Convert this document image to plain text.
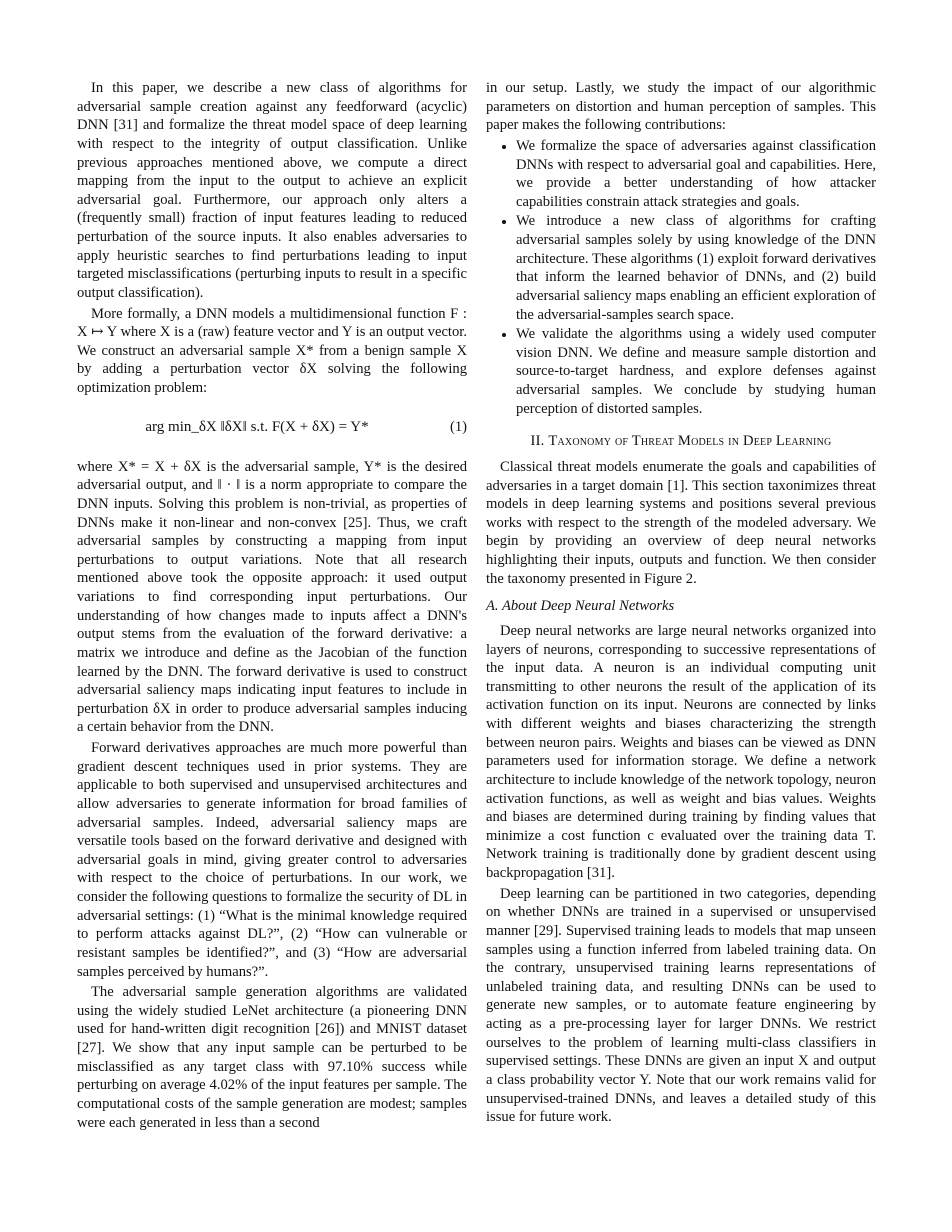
In this paper, we describe a new class of algorithms for adversarial sample creation against any feedforward (acyclic) DNN [31] and formalize the threat model space of deep learning with respect to the integrity of output classification. Unlike previous approaches mentioned above, we compute a direct mapping from the input to the output to achieve an explicit adversarial goal. Furthermore, our approach only alters a (frequently small) fraction of input features leading to reduced perturbation of the source inputs. It also enables adversaries to apply heuristic searches to find perturbations leading to input targeted misclassifications (perturbing inputs to result in a specific output classification).

More formally, a DNN models a multidimensional function F : X ↦ Y where X is a (raw) feature vector and Y is an output vector. We construct an adversarial sample X* from a benign sample X by adding a perturbation vector δX solving the following optimization problem:

arg min_δX ‖δX‖ s.t. F(X + δX) = Y*	(1)

where X* = X + δX is the adversarial sample, Y* is the desired adversarial output, and ‖ · ‖ is a norm appropriate to compare the DNN inputs. Solving this problem is non-trivial, as properties of DNNs make it non-linear and non-convex [25]. Thus, we craft adversarial samples by constructing a mapping from input perturbations to output variations. Note that all research mentioned above took the opposite approach: it used output variations to find corresponding input perturbations. Our understanding of how changes made to inputs affect a DNN's output stems from the evaluation of the forward derivative: a matrix we introduce and define as the Jacobian of the function learned by the DNN. The forward derivative is used to construct adversarial saliency maps indicating input features to include in perturbation δX in order to produce adversarial samples inducing a certain behavior from the DNN.

Forward derivatives approaches are much more powerful than gradient descent techniques used in prior systems. They are applicable to both supervised and unsupervised architectures and allow adversaries to generate information for broad families of adversarial samples. Indeed, adversarial saliency maps are versatile tools based on the forward derivative and designed with adversarial goals in mind, giving greater control to adversaries with respect to the choice of perturbations. In our work, we consider the following questions to formalize the security of DL in adversarial settings: (1) “What is the minimal knowledge required to perform attacks against DL?”, (2) “How can vulnerable or resistant samples be identified?”, and (3) “How are adversarial samples perceived by humans?”.

The adversarial sample generation algorithms are validated using the widely studied LeNet architecture (a pioneering DNN used for hand-written digit recognition [26]) and MNIST dataset [27]. We show that any input sample can be perturbed to be misclassified as any target class with 97.10% success while perturbing on average 4.02% of the input features per sample. The computational costs of the sample generation are modest; samples were each generated in less than a second

in our setup. Lastly, we study the impact of our algorithmic parameters on distortion and human perception of samples. This paper makes the following contributions:

• We formalize the space of adversaries against classification DNNs with respect to adversarial goal and capabilities. Here, we provide a better understanding of how attacker capabilities constrain attack strategies and goals.
• We introduce a new class of algorithms for crafting adversarial samples solely by using knowledge of the DNN architecture. These algorithms (1) exploit forward derivatives that inform the learned behavior of DNNs, and (2) build adversarial saliency maps enabling an efficient exploration of the adversarial-samples search space.
• We validate the algorithms using a widely used computer vision DNN. We define and measure sample distortion and source-to-target hardness, and explore defenses against adversarial samples. We conclude by studying human perception of distorted samples.
II. Taxonomy of Threat Models in Deep Learning

Classical threat models enumerate the goals and capabilities of adversaries in a target domain [1]. This section taxonimizes threat models in deep learning systems and positions several previous works with respect to the strength of the modeled adversary. We begin by providing an overview of deep neural networks highlighting their inputs, outputs and function. We then consider the taxonomy presented in Figure 2.

A. About Deep Neural Networks

Deep neural networks are large neural networks organized into layers of neurons, corresponding to successive representations of the input data. A neuron is an individual computing unit transmitting to other neurons the result of the application of its activation function on its input. Neurons are connected by links with different weights and biases characterizing the strength between neuron pairs. Weights and biases can be viewed as DNN parameters used for information storage. We define a network architecture to include knowledge of the network topology, neuron activation functions, as well as weight and bias values. Weights and biases are determined during training by finding values that minimize a cost function c evaluated over the training data T. Network training is traditionally done by gradient descent using backpropagation [31].

Deep learning can be partitioned in two categories, depending on whether DNNs are trained in a supervised or unsupervised manner [29]. Supervised training leads to models that map unseen samples using a function inferred from labeled training data. On the contrary, unsupervised training learns representations of unlabeled training data, and resulting DNNs can be used to generate new samples, or to automate feature engineering by acting as a pre-processing layer for larger DNNs. We restrict ourselves to the problem of learning multi-class classifiers in supervised settings. These DNNs are given an input X and output a class probability vector Y. Note that our work remains valid for unsupervised-trained DNNs, and leaves a detailed study of this issue for future work.
